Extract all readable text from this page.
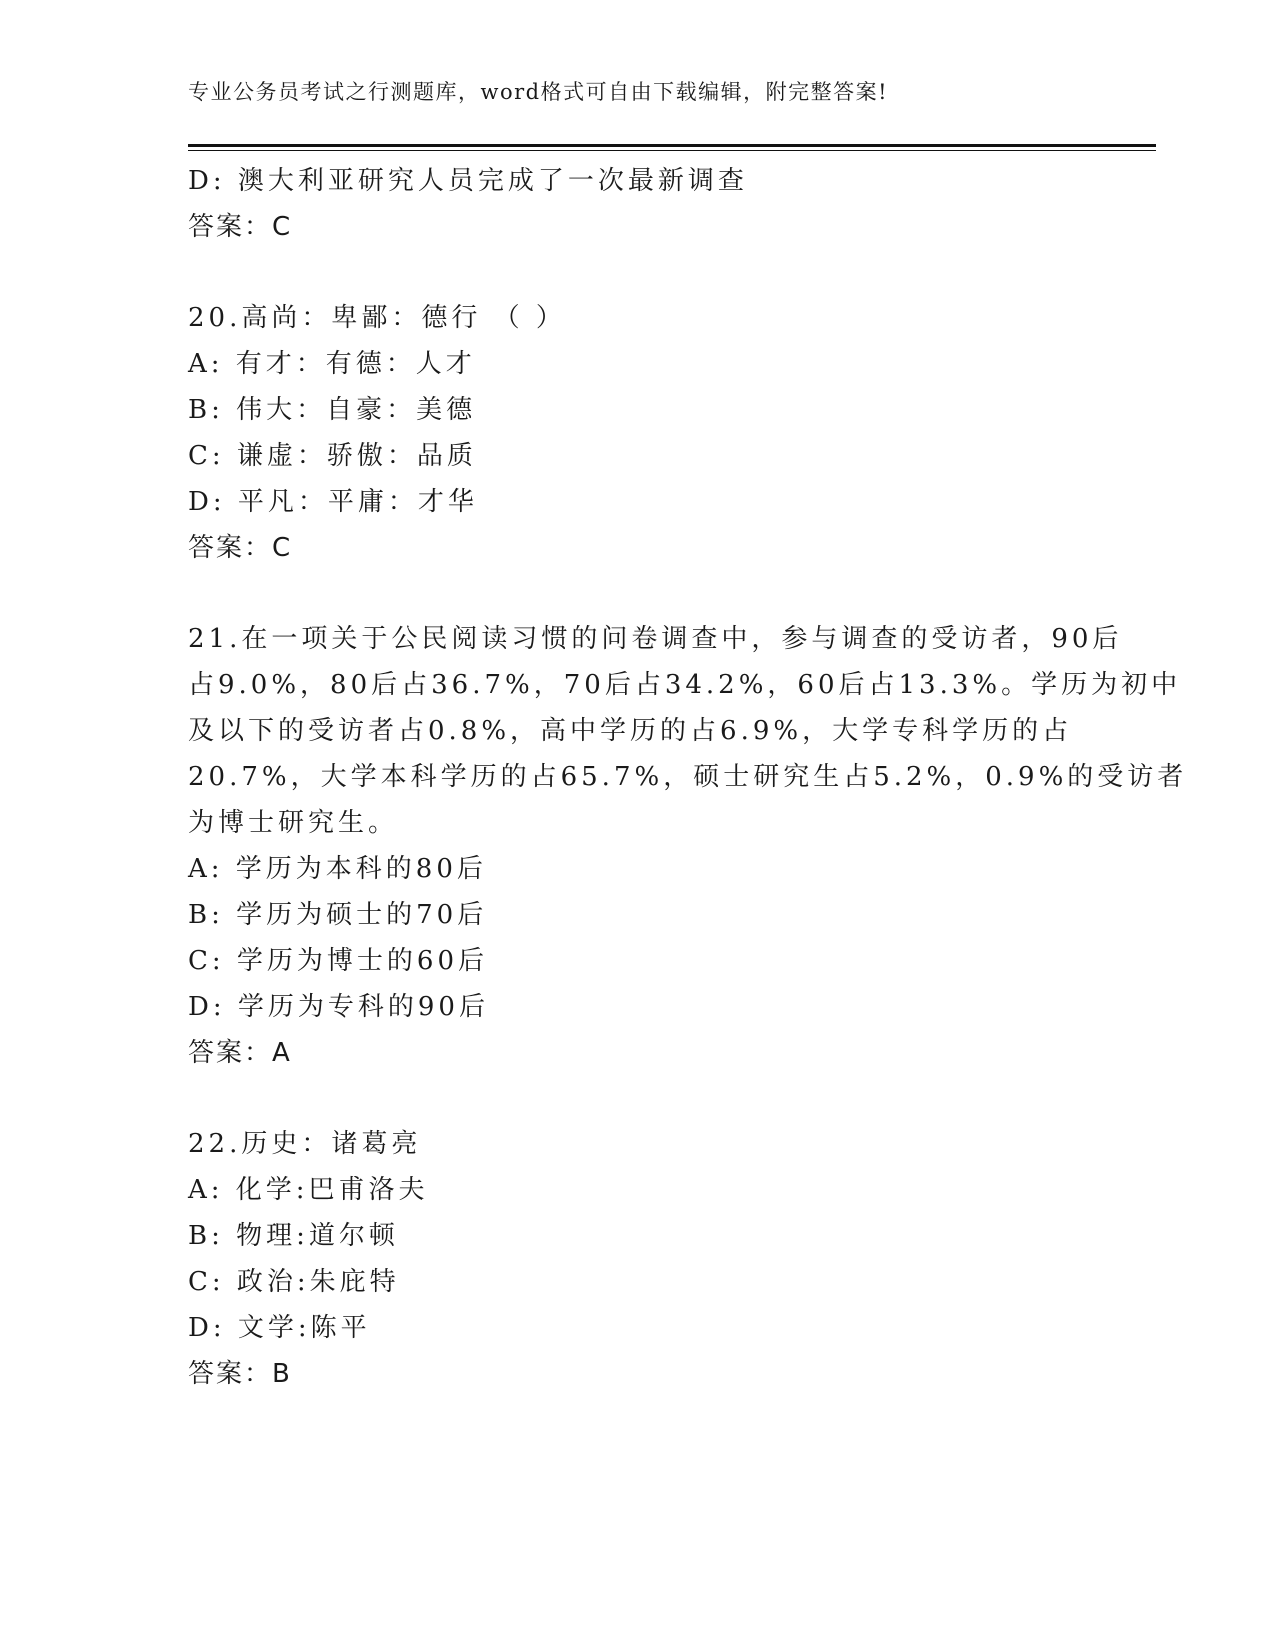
专业公务员考试之行测题库，word格式可自由下载编辑，附完整答案!
D: 澳大利亚研究人员完成了一次最新调查
答案：C
20.高尚：卑鄙：德行 （ ）
A: 有才：有德：人才
B: 伟大：自豪：美德
C: 谦虚：骄傲：品质
D: 平凡：平庸：才华
答案：C
21.在一项关于公民阅读习惯的问卷调查中，参与调查的受访者，90后
占9.0%，80后占36.7%，70后占34.2%，60后占13.3%。学历为初中
及以下的受访者占0.8%，高中学历的占6.9%，大学专科学历的占
20.7%，大学本科学历的占65.7%，硕士研究生占5.2%，0.9%的受访者
为博士研究生。
A: 学历为本科的80后
B: 学历为硕士的70后
C: 学历为博士的60后
D: 学历为专科的90后
答案：A
22.历史：诸葛亮
A: 化学:巴甫洛夫
B: 物理:道尔顿
C: 政治:朱庇特
D: 文学:陈平
答案：B
